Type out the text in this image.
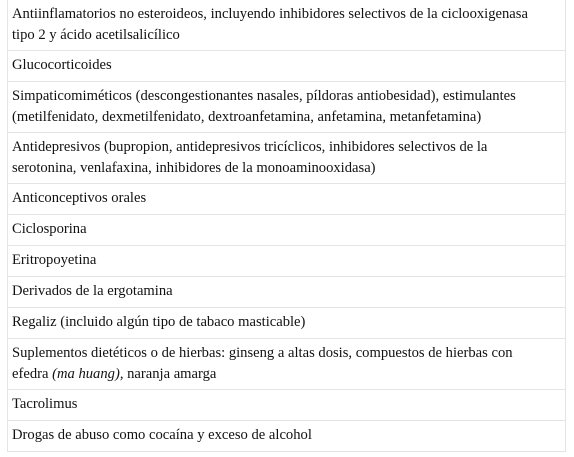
Antiinflamatorios no esteroideos, incluyendo inhibidores selectivos de la ciclooxigenasa
tipo 2 y ácido acetilsalicílico
Glucocorticoides
Simpaticomiméticos (descongestionantes nasales, píldoras antiobesidad), estimulantes
(metilfenidato, dexmetilfenidato, dextroanfetamina, anfetamina, metanfetamina)
Antidepresivos (bupropion, antidepresivos tricíclicos, inhibidores selectivos de la
serotonina, venlafaxina, inhibidores de la monoaminooxidasa)
Anticonceptivos orales
Ciclosporina
Eritropoyetina
Derivados de la ergotamina
Regaliz (incluido algún tipo de tabaco masticable)
Suplementos dietéticos o de hierbas: ginseng a altas dosis, compuestos de hierbas con
efedra (ma huang), naranja amarga
Tacrolimus
Drogas de abuso como cocaína y exceso de alcohol
